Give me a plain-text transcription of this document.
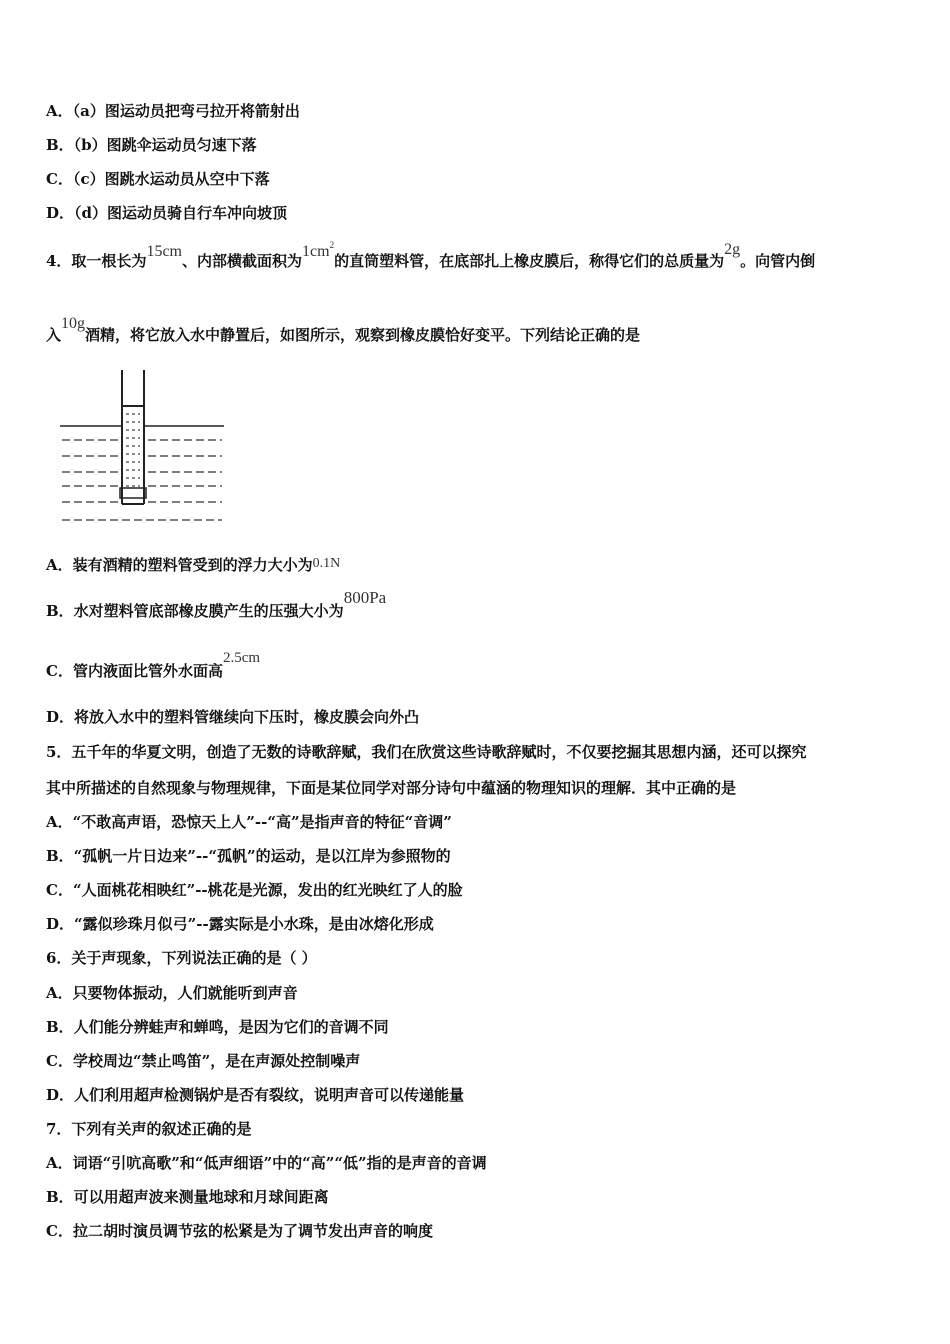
A．（a）图运动员把弯弓拉开将箭射出
B．（b）图跳伞运动员匀速下落
C．（c）图跳水运动员从空中下落
D．（d）图运动员骑自行车冲向坡顶
4．取一根长为15cm、内部横截面积为$1cm^2$的直筒塑料管，在底部扎上橡皮膜后，称得它们的总质量为2g。向管内倒
入10g酒精，将它放入水中静置后，如图所示，观察到橡皮膜恰好变平。下列结论正确的是
A．装有酒精的塑料管受到的浮力大小为0.1N
B．水对塑料管底部橡皮膜产生的压强大小为800Pa
C．管内液面比管外水面高2.5cm
D．将放入水中的塑料管继续向下压时，橡皮膜会向外凸
5．五千年的华夏文明，创造了无数的诗歌辞赋，我们在欣赏这些诗歌辞赋时，不仅要挖掘其思想内涵，还可以探究
其中所描述的自然现象与物理规律，下面是某位同学对部分诗句中蕴涵的物理知识的理解．其中正确的是
A．“不敢高声语，恐惊天上人”--“高”是指声音的特征“音调”
B．“孤帆一片日边来”--“孤帆”的运动，是以江岸为参照物的
C．“人面桃花相映红”--桃花是光源，发出的红光映红了人的脸
D．“露似珍珠月似弓”--露实际是小水珠，是由冰熔化形成
6．关于声现象，下列说法正确的是（ ）
A．只要物体振动，人们就能听到声音
B．人们能分辨蛙声和蝉鸣，是因为它们的音调不同
C．学校周边“禁止鸣笛”，是在声源处控制噪声
D．人们利用超声检测锅炉是否有裂纹，说明声音可以传递能量
7．下列有关声的叙述正确的是
A．词语“引吭高歌”和“低声细语”中的“高”“低”指的是声音的音调
B．可以用超声波来测量地球和月球间距离
C．拉二胡时演员调节弦的松紧是为了调节发出声音的响度
